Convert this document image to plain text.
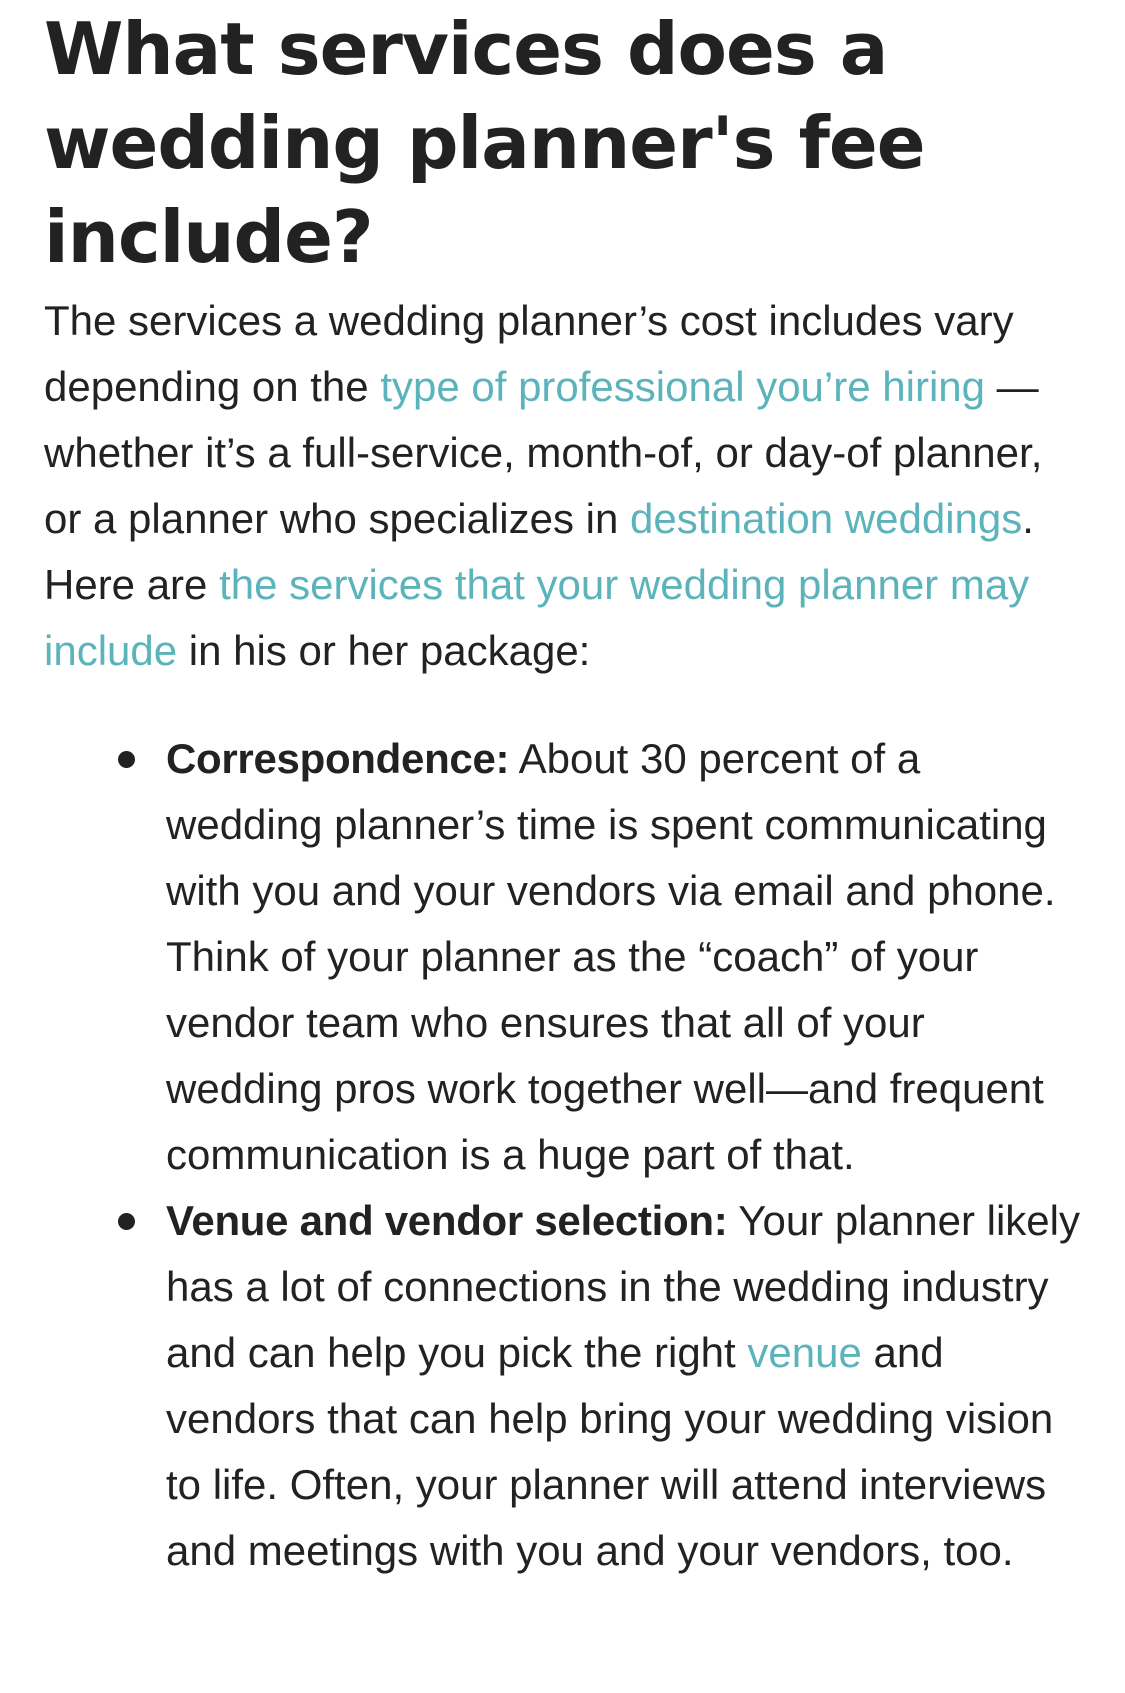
What services does a wedding planner's fee include?

The services a wedding planner’s cost includes vary depending on the type of professional you’re hiring — whether it’s a full-service, month-of, or day-of planner, or a planner who specializes in destination weddings. Here are the services that your wedding planner may include in his or her package:

Correspondence: About 30 percent of a wedding planner’s time is spent communicating with you and your vendors via email and phone. Think of your planner as the “coach” of your vendor team who ensures that all of your wedding pros work together well—and frequent communication is a huge part of that.
Venue and vendor selection: Your planner likely has a lot of connections in the wedding industry and can help you pick the right venue and vendors that can help bring your wedding vision to life. Often, your planner will attend interviews and meetings with you and your vendors, too.
